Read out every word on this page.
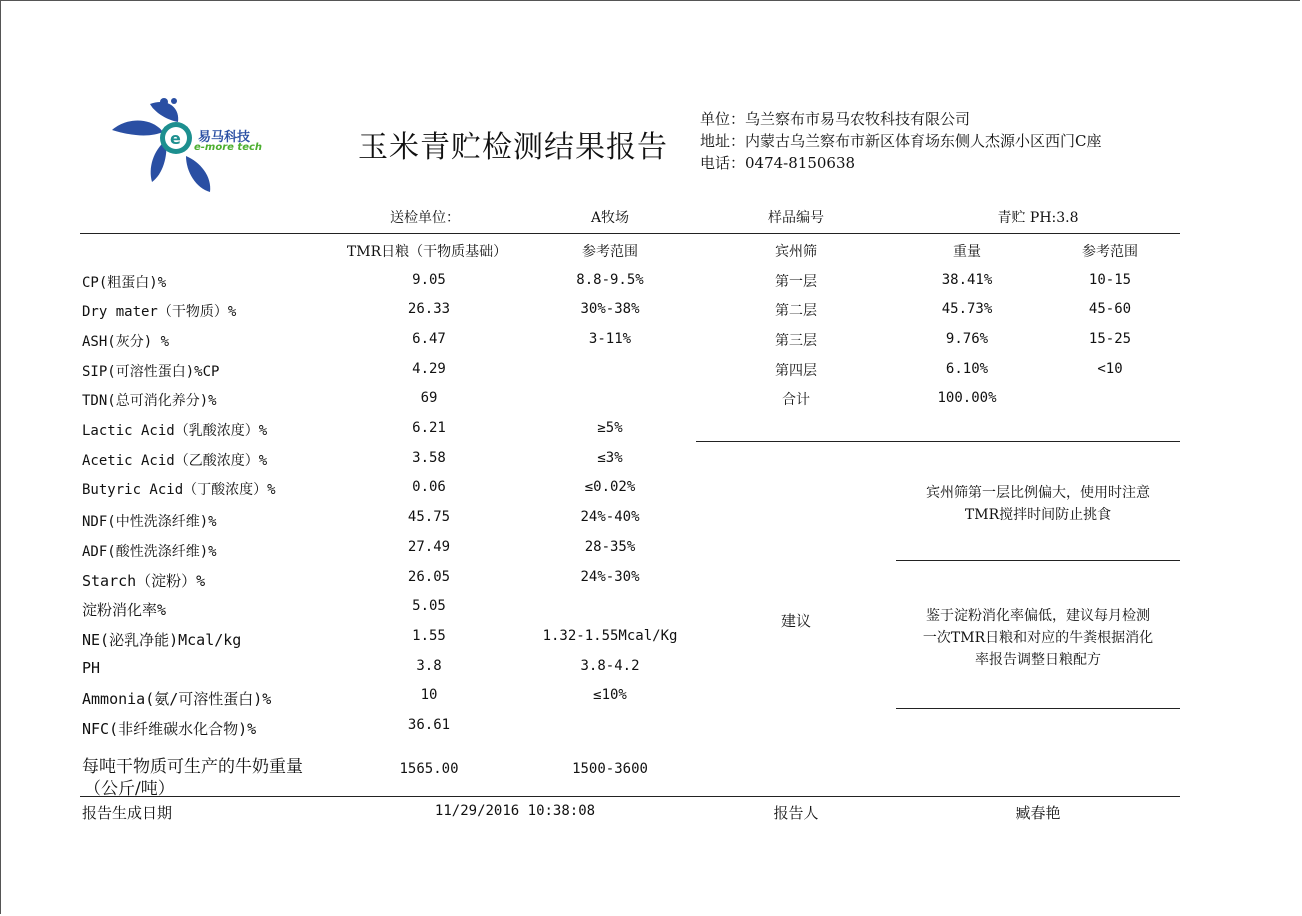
e 易马科技
e-more tech	玉米青贮检测结果报告
单位：乌兰察布市易马农牧科技有限公司
地址：内蒙古乌兰察布市新区体育场东侧人杰源小区西门C座
电话：0474-8150638
送检单位：	A牧场	样品编号	青贮 PH:3.8
TMR日粮（干物质基础）	参考范围	宾州筛	重量	参考范围
CP(粗蛋白)%	9.05	8.8-9.5%
Dry mater（干物质）%	26.33	30%-38%
ASH(灰分) %	6.47	3-11%
SIP(可溶性蛋白)%CP	4.29
TDN(总可消化养分)%	69
Lactic Acid（乳酸浓度）%	6.21	≥5%
Acetic Acid（乙酸浓度）%	3.58	≤3%
Butyric Acid（丁酸浓度）%	0.06	≤0.02%
NDF(中性洗涤纤维)%	45.75	24%-40%
ADF(酸性洗涤纤维)%	27.49	28-35%
Starch（淀粉）%	26.05	24%-30%
淀粉消化率%	5.05
NE(泌乳净能)Mcal/kg	1.55	1.32-1.55Mcal/Kg
PH	3.8	3.8-4.2
Ammonia(氨/可溶性蛋白)%	10	≤10%
NFC(非纤维碳水化合物)%	36.61
每吨干物质可生产的牛奶重量
（公斤/吨）
1565.00	1500-3600
第一层	38.41%	10-15
第二层	45.73%	45-60
第三层	9.76%	15-25
第四层	6.10%	<10
合计	100.00%
建议
宾州筛第一层比例偏大，使用时注意
TMR搅拌时间防止挑食
鉴于淀粉消化率偏低，建议每月检测
一次TMR日粮和对应的牛粪根据消化
率报告调整日粮配方
报告生成日期	11/29/2016 10:38:08	报告人	臧春艳
